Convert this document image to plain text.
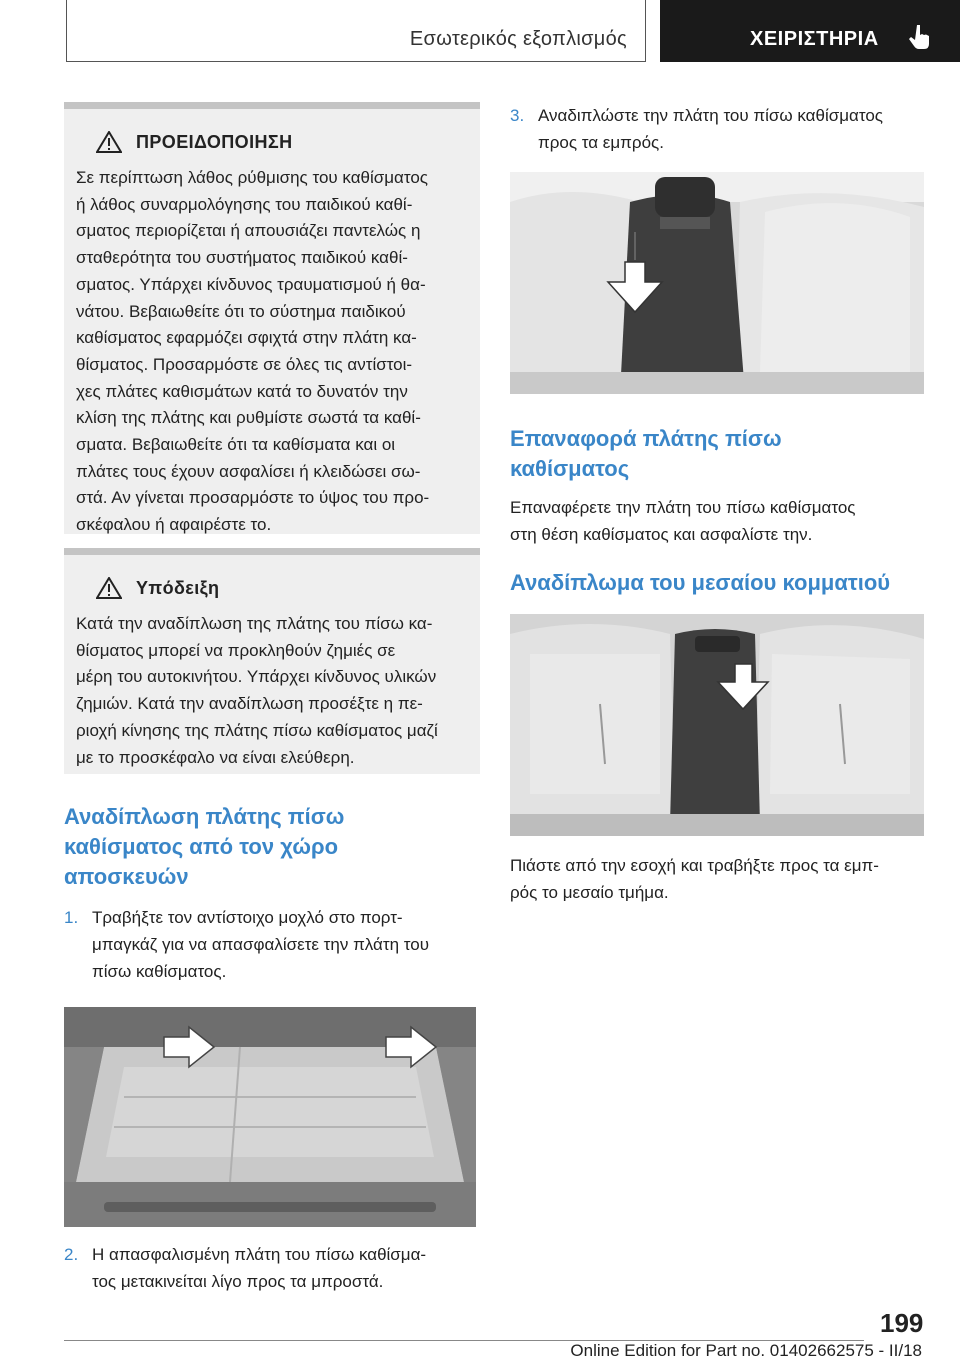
Εσωτερικός εξοπλισμός	ΧΕΙΡΙΣΤΗΡΙΑ
ΠΡΟΕΙΔΟΠΟΙΗΣΗ
Σε περίπτωση λάθος ρύθμισης του καθίσματος
ή λάθος συναρμολόγησης του παιδικού καθί-
σματος περιορίζεται ή απουσιάζει παντελώς η
σταθερότητα του συστήματος παιδικού καθί-
σματος. Υπάρχει κίνδυνος τραυματισμού ή θα-
νάτου. Βεβαιωθείτε ότι το σύστημα παιδικού
καθίσματος εφαρμόζει σφιχτά στην πλάτη κα-
θίσματος. Προσαρμόστε σε όλες τις αντίστοι-
χες πλάτες καθισμάτων κατά το δυνατόν την
κλίση της πλάτης και ρυθμίστε σωστά τα καθί-
σματα. Βεβαιωθείτε ότι τα καθίσματα και οι
πλάτες τους έχουν ασφαλίσει ή κλειδώσει σω-
στά. Αν γίνεται προσαρμόστε το ύψος του προ-
σκέφαλου ή αφαιρέστε το.
Υπόδειξη
Κατά την αναδίπλωση της πλάτης του πίσω κα-
θίσματος μπορεί να προκληθούν ζημιές σε
μέρη του αυτοκινήτου. Υπάρχει κίνδυνος υλικών
ζημιών. Κατά την αναδίπλωση προσέξτε η πε-
ριοχή κίνησης της πλάτης πίσω καθίσματος μαζί
με το προσκέφαλο να είναι ελεύθερη.
Αναδίπλωση πλάτης πίσω
καθίσματος από τον χώρο
αποσκευών
1. Τραβήξτε τον αντίστοιχο μοχλό στο πορτ-
μπαγκάζ για να απασφαλίσετε την πλάτη του
πίσω καθίσματος.
2. Η απασφαλισμένη πλάτη του πίσω καθίσμα-
τος μετακινείται λίγο προς τα μπροστά.
3. Αναδιπλώστε την πλάτη του πίσω καθίσματος
προς τα εμπρός.
Επαναφορά πλάτης πίσω
καθίσματος
Επαναφέρετε την πλάτη του πίσω καθίσματος
στη θέση καθίσματος και ασφαλίστε την.
Αναδίπλωμα του μεσαίου κομματιού
Πιάστε από την εσοχή και τραβήξτε προς τα εμπ-
ρός το μεσαίο τμήμα.
199
Online Edition for Part no. 01402662575 - II/18
